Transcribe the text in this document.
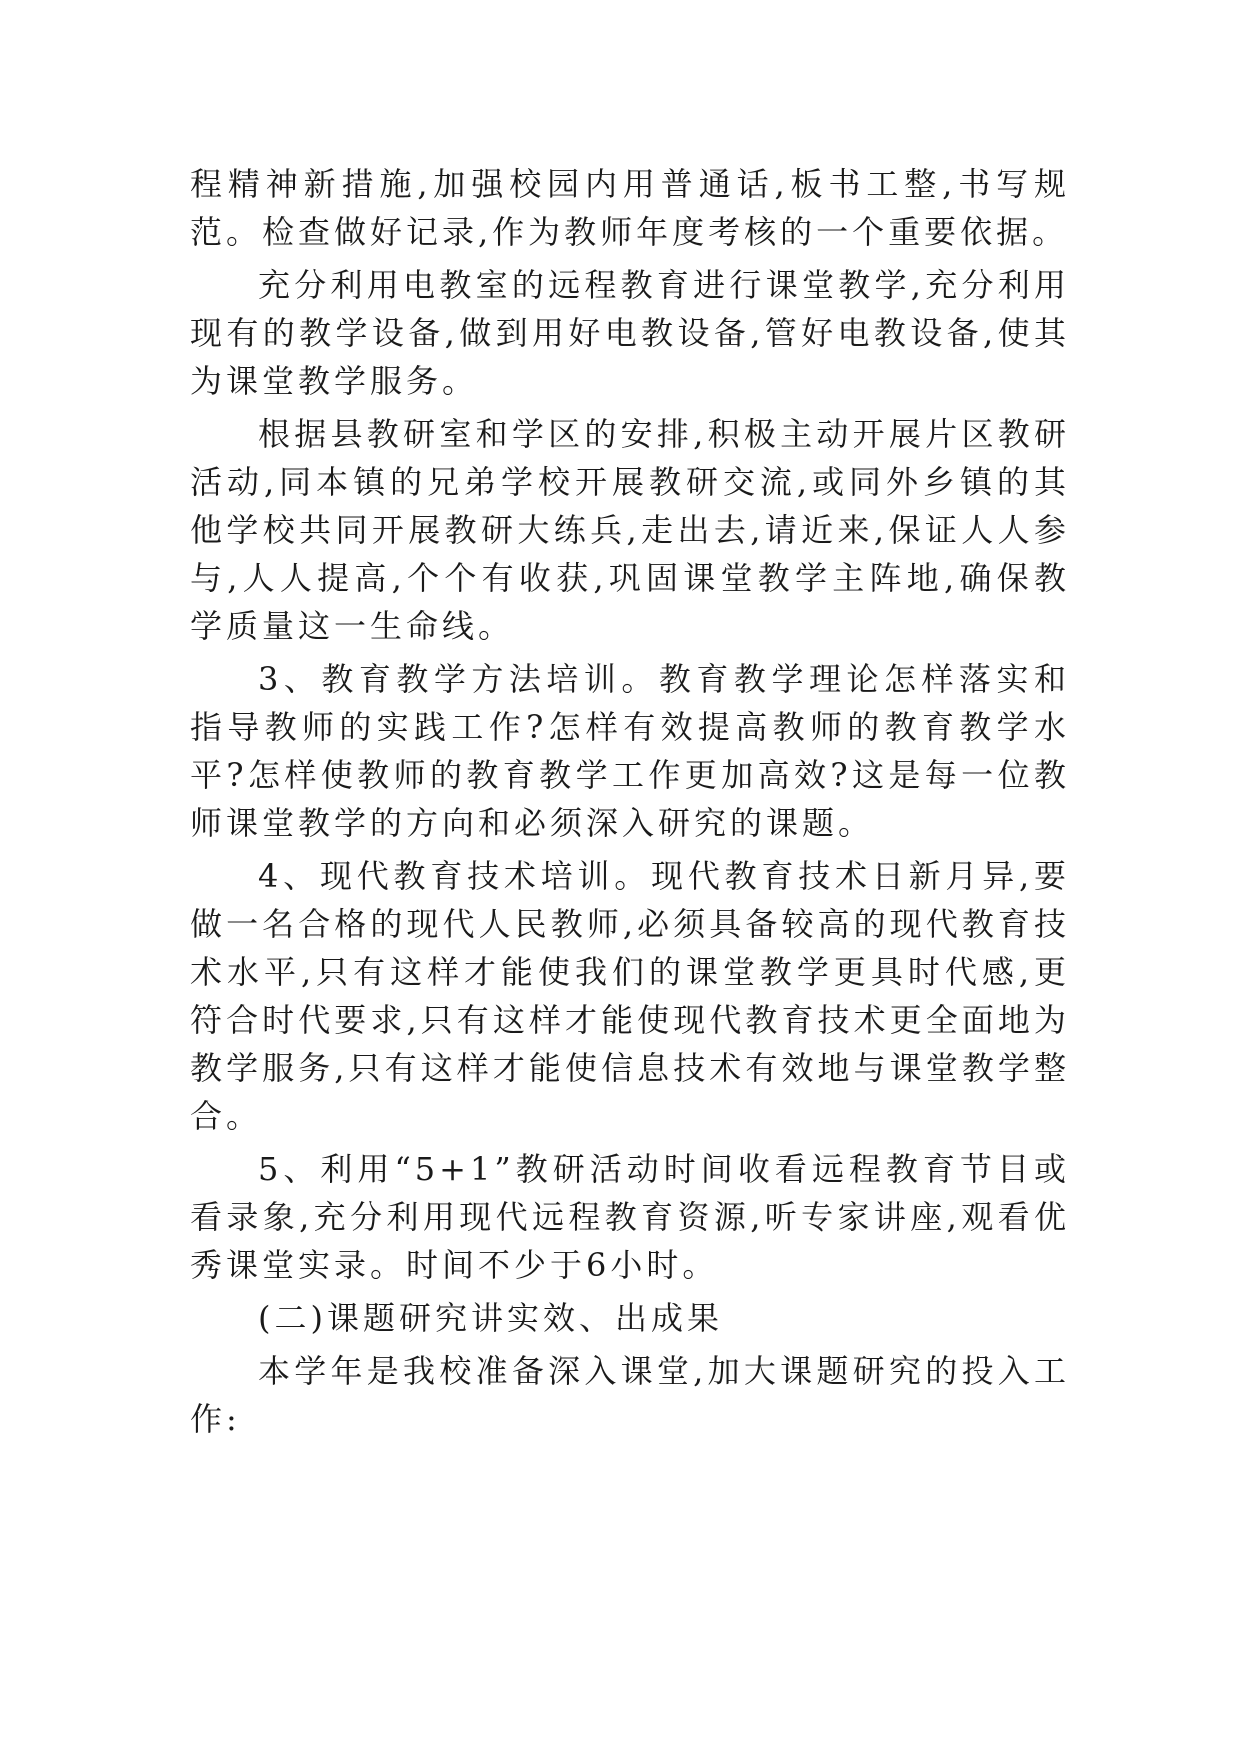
程精神新措施,加强校园内用普通话,板书工整,书写规范。检查做好记录,作为教师年度考核的一个重要依据。

充分利用电教室的远程教育进行课堂教学,充分利用现有的教学设备,做到用好电教设备,管好电教设备,使其为课堂教学服务。

根据县教研室和学区的安排,积极主动开展片区教研活动,同本镇的兄弟学校开展教研交流,或同外乡镇的其他学校共同开展教研大练兵,走出去,请近来,保证人人参与,人人提高,个个有收获,巩固课堂教学主阵地,确保教学质量这一生命线。

3、教育教学方法培训。教育教学理论怎样落实和指导教师的实践工作?怎样有效提高教师的教育教学水平?怎样使教师的教育教学工作更加高效?这是每一位教师课堂教学的方向和必须深入研究的课题。

4、现代教育技术培训。现代教育技术日新月异,要做一名合格的现代人民教师,必须具备较高的现代教育技术水平,只有这样才能使我们的课堂教学更具时代感,更符合时代要求,只有这样才能使现代教育技术更全面地为教学服务,只有这样才能使信息技术有效地与课堂教学整合。

5、利用“5+1”教研活动时间收看远程教育节目或看录象,充分利用现代远程教育资源,听专家讲座,观看优秀课堂实录。时间不少于6小时。

(二)课题研究讲实效、出成果

本学年是我校准备深入课堂,加大课题研究的投入工作:
